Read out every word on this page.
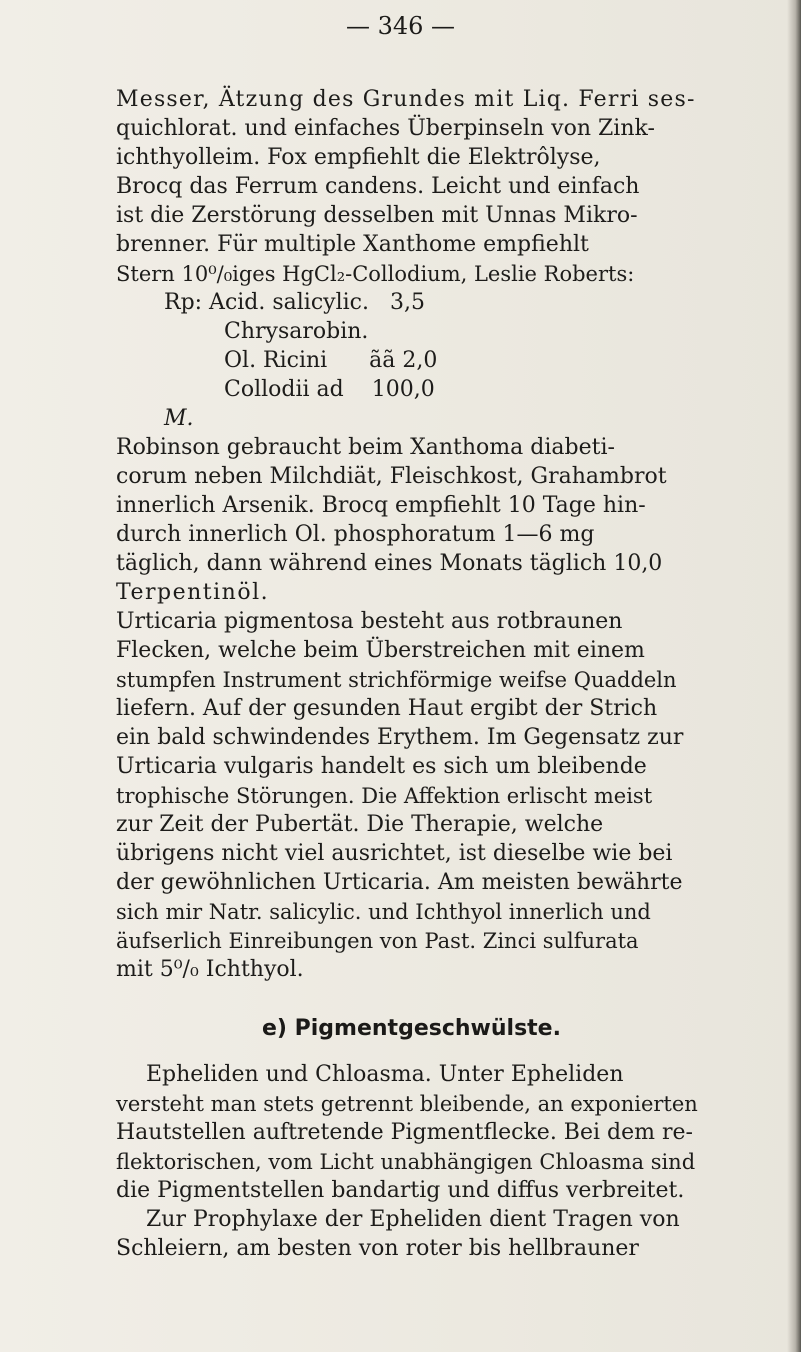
— 346 —
Messer, Ätzung des Grundes mit Liq. Ferri ses-
quichlorat. und einfaches Überpinseln von Zink-
ichthyolleim. Fox empfiehlt die Elektrôlyse,
Brocq das Ferrum candens. Leicht und einfach
ist die Zerstörung desselben mit Unnas Mikro-
brenner. Für multiple Xanthome empfiehlt
Stern 10⁰/₀iges HgCl₂-Collodium, Leslie Roberts:
Rp: Acid. salicylic.   3,5
Chrysarobin.
Ol. Ricini      ãã 2,0
Collodii ad    100,0
M.
Robinson gebraucht beim Xanthoma diabeti-
corum neben Milchdiät, Fleischkost, Grahambrot
innerlich Arsenik. Brocq empfiehlt 10 Tage hin-
durch innerlich Ol. phosphoratum 1—6 mg
täglich, dann während eines Monats täglich 10,0
Terpentinöl.
Urticaria pigmentosa besteht aus rotbraunen
Flecken, welche beim Überstreichen mit einem
stumpfen Instrument strichförmige weifse Quaddeln
liefern. Auf der gesunden Haut ergibt der Strich
ein bald schwindendes Erythem. Im Gegensatz zur
Urticaria vulgaris handelt es sich um bleibende
trophische Störungen. Die Affektion erlischt meist
zur Zeit der Pubertät. Die Therapie, welche
übrigens nicht viel ausrichtet, ist dieselbe wie bei
der gewöhnlichen Urticaria. Am meisten bewährte
sich mir Natr. salicylic. und Ichthyol innerlich und
äufserlich Einreibungen von Past. Zinci sulfurata
mit 5⁰/₀ Ichthyol.
e) Pigmentgeschwülste.
Epheliden und Chloasma. Unter Epheliden
versteht man stets getrennt bleibende, an exponierten
Hautstellen auftretende Pigmentflecke. Bei dem re-
flektorischen, vom Licht unabhängigen Chloasma sind
die Pigmentstellen bandartig und diffus verbreitet.
Zur Prophylaxe der Epheliden dient Tragen von
Schleiern, am besten von roter bis hellbrauner
